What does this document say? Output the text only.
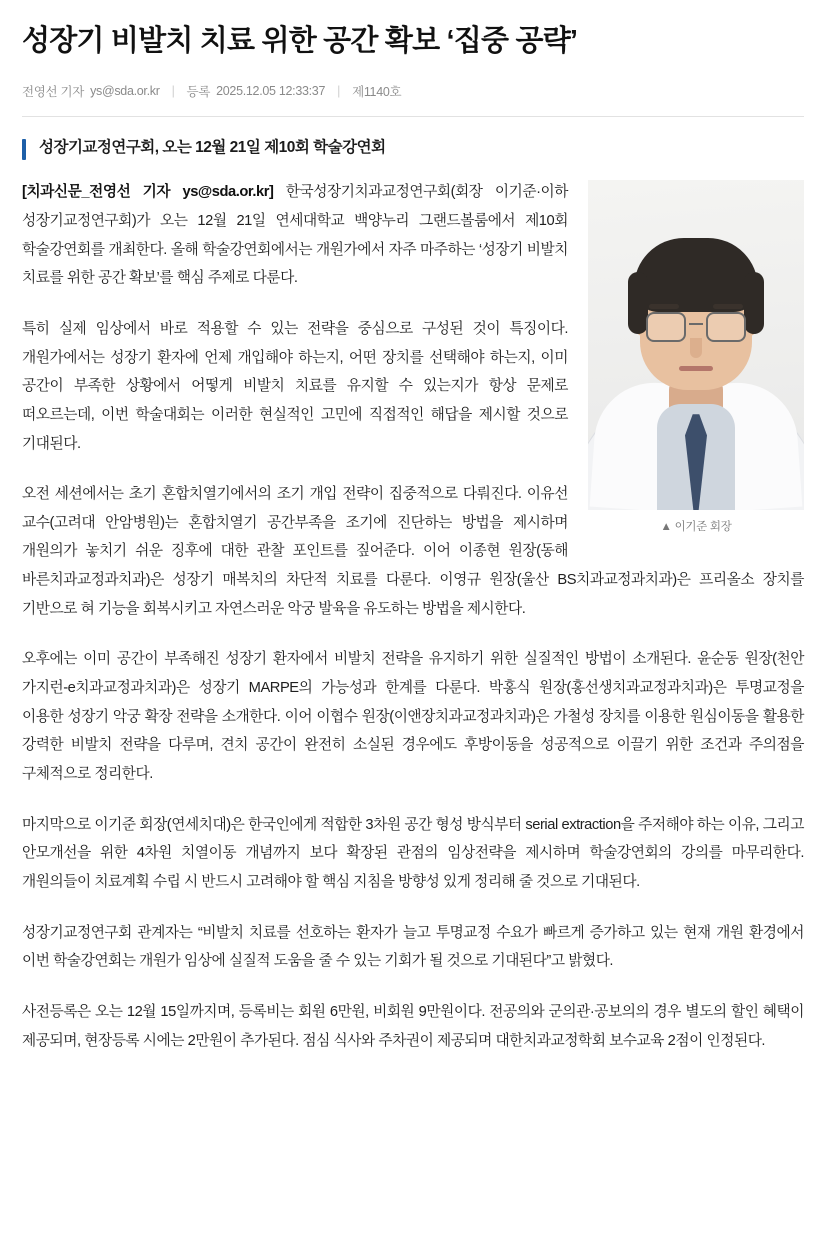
성장기 비발치 치료 위한 공간 확보 ‘집중 공략’
전영선 기자 ys@sda.or.kr | 등록 2025.12.05 12:33:37 | 제1140호
성장기교정연구회, 오는 12월 21일 제10회 학술강연회
▲ 이기준 회장

[치과신문_전영선 기자 ys@sda.or.kr] 한국성장기치과교정연구회(회장 이기준·이하 성장기교정연구회)가 오는 12월 21일 연세대학교 백양누리 그랜드볼룸에서 제10회 학술강연회를 개최한다. 올해 학술강연회에서는 개원가에서 자주 마주하는 ‘성장기 비발치 치료를 위한 공간 확보’를 핵심 주제로 다룬다.

특히 실제 임상에서 바로 적용할 수 있는 전략을 중심으로 구성된 것이 특징이다. 개원가에서는 성장기 환자에 언제 개입해야 하는지, 어떤 장치를 선택해야 하는지, 이미 공간이 부족한 상황에서 어떻게 비발치 치료를 유지할 수 있는지가 항상 문제로 떠오르는데, 이번 학술대회는 이러한 현실적인 고민에 직접적인 해답을 제시할 것으로 기대된다.

오전 세션에서는 초기 혼합치열기에서의 조기 개입 전략이 집중적으로 다뤄진다. 이유선 교수(고려대 안암병원)는 혼합치열기 공간부족을 조기에 진단하는 방법을 제시하며 개원의가 놓치기 쉬운 징후에 대한 관찰 포인트를 짚어준다. 이어 이종현 원장(동해 바른치과교정과치과)은 성장기 매복치의 차단적 치료를 다룬다. 이영규 원장(울산 BS치과교정과치과)은 프리올소 장치를 기반으로 혀 기능을 회복시키고 자연스러운 악궁 발육을 유도하는 방법을 제시한다.

오후에는 이미 공간이 부족해진 성장기 환자에서 비발치 전략을 유지하기 위한 실질적인 방법이 소개된다. 윤순동 원장(천안 가지런-e치과교정과치과)은 성장기 MARPE의 가능성과 한계를 다룬다. 박홍식 원장(홍선생치과교정과치과)은 투명교정을 이용한 성장기 악궁 확장 전략을 소개한다. 이어 이협수 원장(이앤장치과교정과치과)은 가철성 장치를 이용한 원심이동을 활용한 강력한 비발치 전략을 다루며, 견치 공간이 완전히 소실된 경우에도 후방이동을 성공적으로 이끌기 위한 조건과 주의점을 구체적으로 정리한다.

마지막으로 이기준 회장(연세치대)은 한국인에게 적합한 3차원 공간 형성 방식부터 serial extraction을 주저해야 하는 이유, 그리고 안모개선을 위한 4차원 치열이동 개념까지 보다 확장된 관점의 임상전략을 제시하며 학술강연회의 강의를 마무리한다. 개원의들이 치료계획 수립 시 반드시 고려해야 할 핵심 지침을 방향성 있게 정리해 줄 것으로 기대된다.

성장기교정연구회 관계자는 “비발치 치료를 선호하는 환자가 늘고 투명교정 수요가 빠르게 증가하고 있는 현재 개원 환경에서 이번 학술강연회는 개원가 임상에 실질적 도움을 줄 수 있는 기회가 될 것으로 기대된다”고 밝혔다.

사전등록은 오는 12월 15일까지며, 등록비는 회원 6만원, 비회원 9만원이다. 전공의와 군의관·공보의의 경우 별도의 할인 혜택이 제공되며, 현장등록 시에는 2만원이 추가된다. 점심 식사와 주차권이 제공되며 대한치과교정학회 보수교육 2점이 인정된다.
